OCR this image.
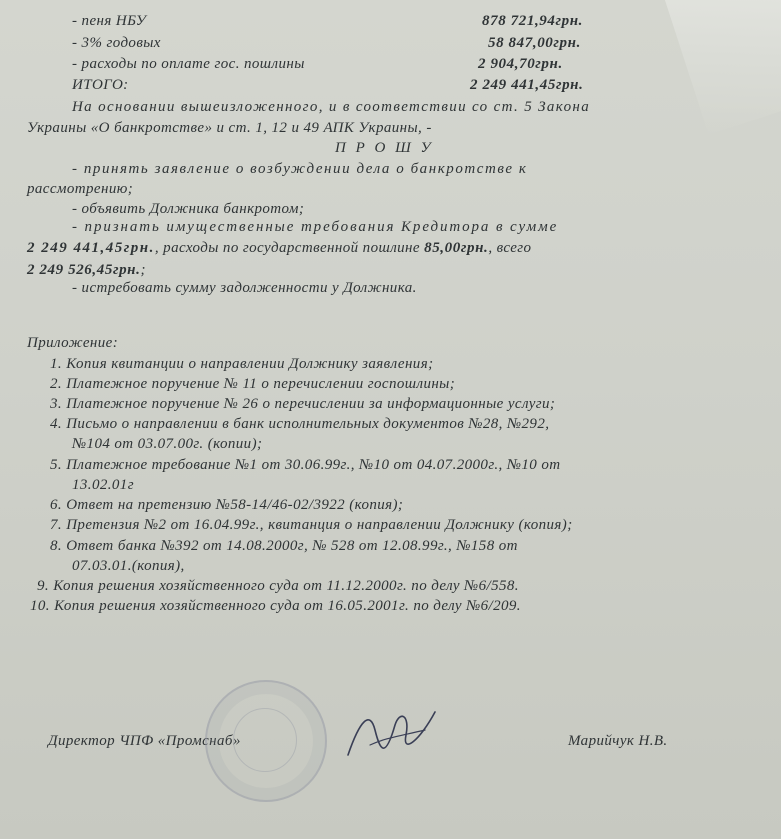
- пеня НБУ	878 721,94грн.
- 3% годовых	58 847,00грн.
- расходы по оплате гос. пошлины	2 904,70грн.
ИТОГО:	2 249 441,45грн.
На основании вышеизложенного, и в соответствии со ст. 5 Закона
Украины «О банкротстве» и ст. 1, 12 и 49 АПК Украины, -
П Р О Ш У
- принять заявление о возбуждении дела о банкротстве к
рассмотрению;
- объявить Должника банкротом;
- признать имущественные требования Кредитора в сумме
2 249 441,45грн., расходы по государственной пошлине 85,00грн., всего
2 249 526,45грн.;
- истребовать сумму задолженности у Должника.
Приложение:
1. Копия квитанции о направлении Должнику заявления;
2. Платежное поручение № 11 о перечислении госпошлины;
3. Платежное поручение № 26 о перечислении за информационные услуги;
4. Письмо о направлении в банк исполнительных документов №28, №292,
№104 от 03.07.00г. (копии);
5. Платежное требование №1 от 30.06.99г., №10 от 04.07.2000г., №10 от
13.02.01г
6. Ответ на претензию №58-14/46-02/3922 (копия);
7. Претензия №2 от 16.04.99г., квитанция о направлении Должнику (копия);
8. Ответ банка №392 от 14.08.2000г, № 528 от 12.08.99г., №158 от
07.03.01.(копия),
9. Копия решения хозяйственного суда от 11.12.2000г. по делу №6/558.
10. Копия решения хозяйственного суда от 16.05.2001г. по делу №6/209.
Директор ЧПФ «Промснаб»	Марийчук Н.В.
